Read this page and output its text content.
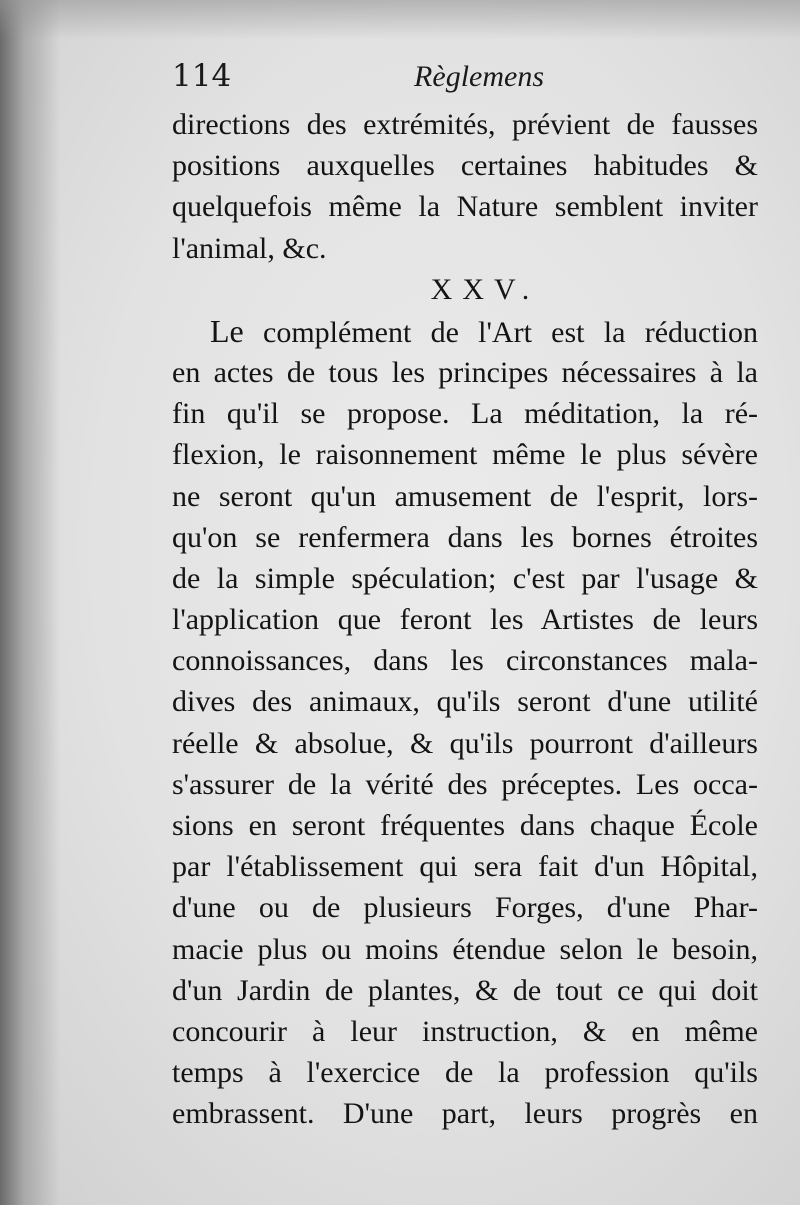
114	Règlemens
directions des extrémités, prévient de fausses
positions auxquelles certaines habitudes &
quelquefois même la Nature semblent inviter
l'animal, &c.
XXV.
Le complément de l'Art est la réduction
en actes de tous les principes nécessaires à la
fin qu'il se propose. La méditation, la ré-
flexion, le raisonnement même le plus sévère
ne seront qu'un amusement de l'esprit, lors-
qu'on se renfermera dans les bornes étroites
de la simple spéculation; c'est par l'usage &
l'application que feront les Artistes de leurs
connoissances, dans les circonstances mala-
dives des animaux, qu'ils seront d'une utilité
réelle & absolue, & qu'ils pourront d'ailleurs
s'assurer de la vérité des préceptes. Les occa-
sions en seront fréquentes dans chaque École
par l'établissement qui sera fait d'un Hôpital,
d'une ou de plusieurs Forges, d'une Phar-
macie plus ou moins étendue selon le besoin,
d'un Jardin de plantes, & de tout ce qui doit
concourir à leur instruction, & en même
temps à l'exercice de la profession qu'ils
embrassent. D'une part, leurs progrès en
